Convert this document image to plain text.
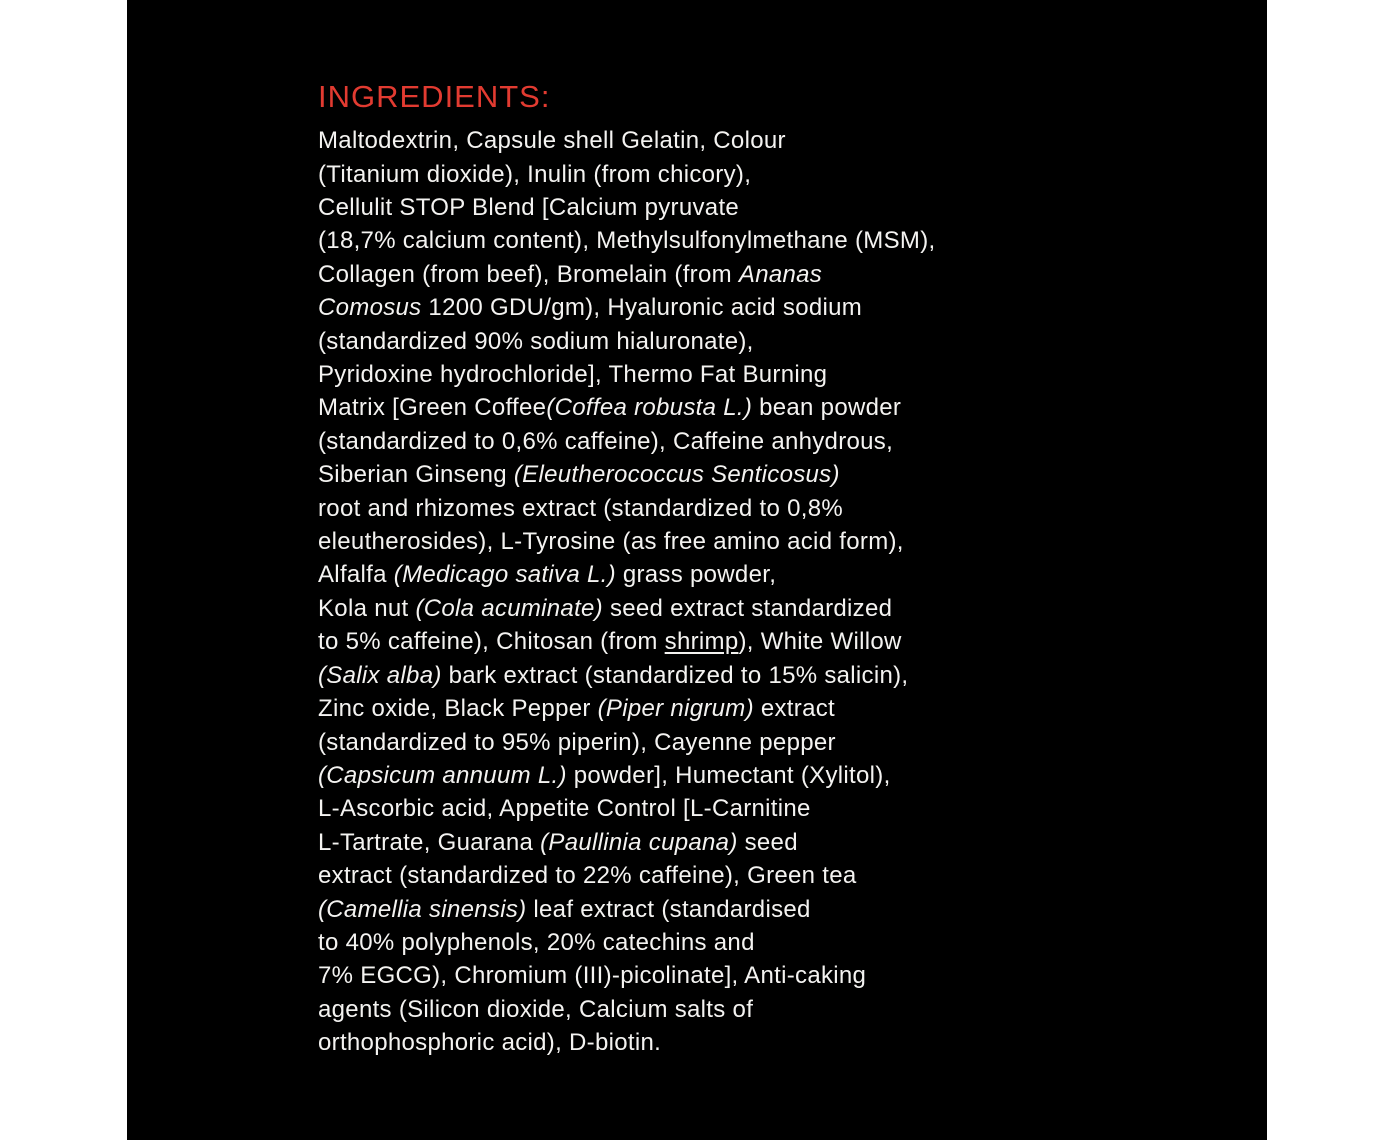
INGREDIENTS:
Maltodextrin, Capsule shell Gelatin, Colour
(Titanium dioxide), Inulin (from chicory),
Cellulit STOP Blend [Calcium pyruvate
(18,7% calcium content), Methylsulfonylmethane (MSM),
Collagen (from beef), Bromelain (from Ananas
Comosus 1200 GDU/gm), Hyaluronic acid sodium
(standardized 90% sodium hialuronate),
Pyridoxine hydrochloride], Thermo Fat Burning
Matrix [Green Coffee(Coffea robusta L.) bean powder
(standardized to 0,6% caffeine), Caffeine anhydrous,
Siberian Ginseng (Eleutherococcus Senticosus)
root and rhizomes extract (standardized to 0,8%
eleutherosides), L-Tyrosine (as free amino acid form),
Alfalfa (Medicago sativa L.) grass powder,
Kola nut (Cola acuminate) seed extract standardized
to 5% caffeine), Chitosan (from shrimp), White Willow
(Salix alba) bark extract (standardized to 15% salicin),
Zinc oxide, Black Pepper (Piper nigrum) extract
(standardized to 95% piperin), Cayenne pepper
(Capsicum annuum L.) powder], Humectant (Xylitol),
L-Ascorbic acid, Appetite Control [L-Carnitine
L-Tartrate, Guarana (Paullinia cupana) seed
extract (standardized to 22% caffeine), Green tea
(Camellia sinensis) leaf extract (standardised
to 40% polyphenols, 20% catechins and
7% EGCG), Chromium (III)-picolinate], Anti-caking
agents (Silicon dioxide, Calcium salts of
orthophosphoric acid), D-biotin.
